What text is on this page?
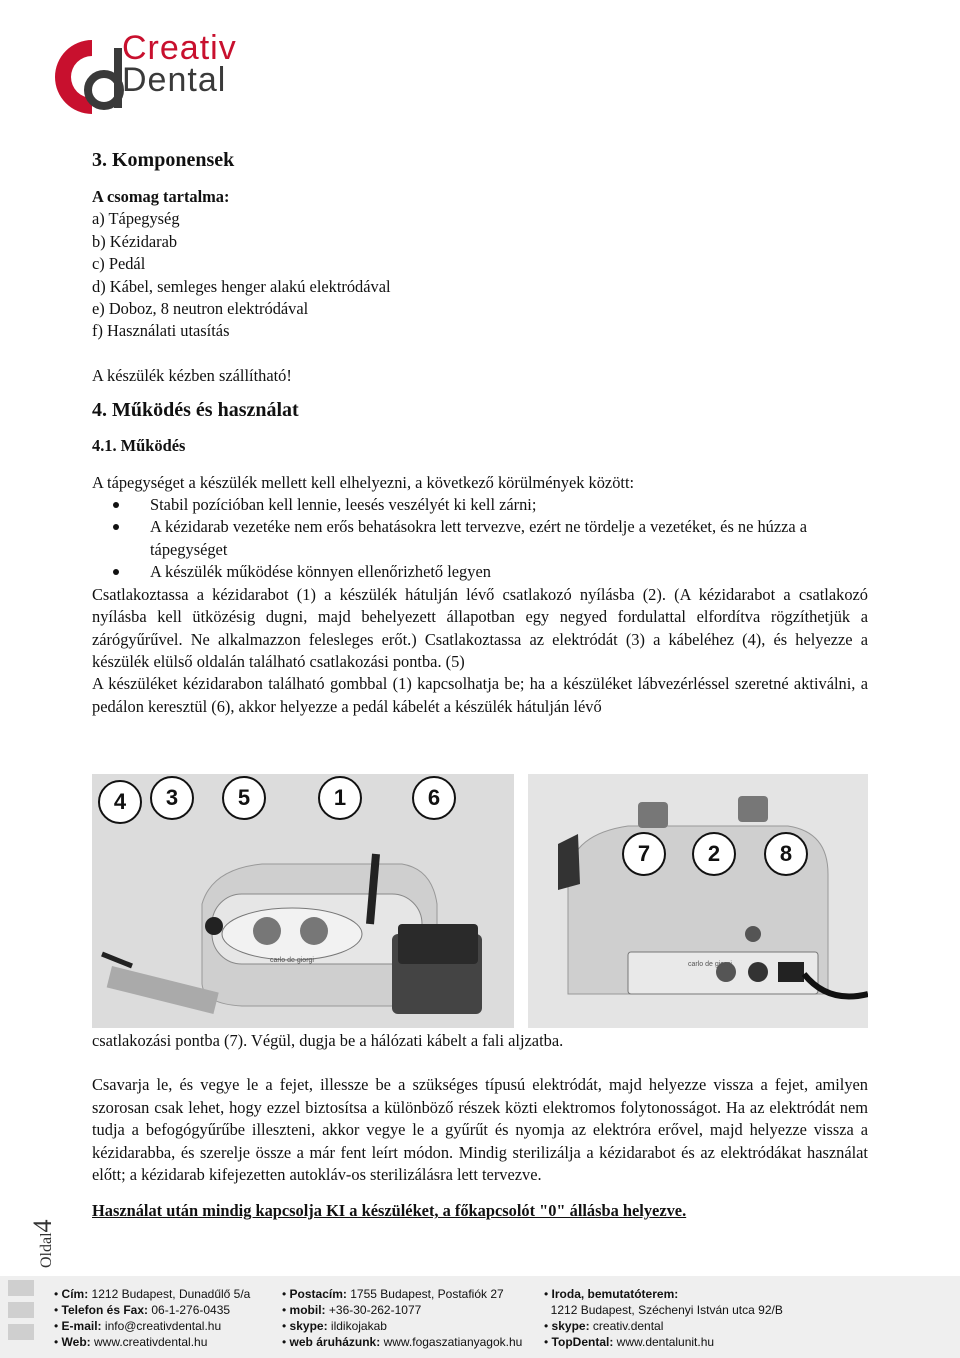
Creativ
Dental
3. Komponensek

A csomag tartalma:

a) Tápegység

b) Kézidarab

c) Pedál

d) Kábel, semleges henger alakú elektródával

e) Doboz, 8 neutron elektródával

f) Használati utasítás

A készülék kézben szállítható!

4. Működés és használat

4.1. Működés

A tápegységet a készülék mellett kell elhelyezni, a következő körülmények között:

Stabil pozícióban kell lennie, leesés veszélyét ki kell zárni;
A kézidarab vezetéke nem erős behatásokra lett tervezve, ezért ne tördelje a vezetéket, és ne húzza a tápegységet
A készülék működése könnyen ellenőrizhető legyen

Csatlakoztassa a kézidarabot (1) a készülék hátulján lévő csatlakozó nyílásba (2). (A kézidarabot a csatlakozó nyílásba kell ütközésig dugni, majd behelyezett állapotban egy negyed fordulattal elfordítva rögzíthetjük a zárógyűrűvel. Ne alkalmazzon felesleges erőt.) Csatlakoztassa az elektródát (3) a kábeléhez (4), és helyezze a készülék elülső oldalán található csatlakozási pontba. (5)

A készüléket kézidarabon található gombbal (1) kapcsolhatja be; ha a készüléket lábvezérléssel szeretné aktiválni, a pedálon keresztül (6), akkor helyezze a pedál kábelét a készülék hátulján lévő

carlo de giorgi
4	3	5	1	6
carlo de giorgi
7	2	8

csatlakozási pontba (7). Végül, dugja be a hálózati kábelt a fali aljzatba.

Csavarja le, és vegye le a fejet, illessze be a szükséges típusú elektródát, majd helyezze vissza a fejet, amilyen szorosan csak lehet, hogy ezzel biztosítsa a különböző részek közti elektromos folytonosságot. Ha az elektródát nem tudja a befogógyűrűbe illeszteni, akkor vegye le a gyűrűt és nyomja az elektróra erővel, majd helyezze vissza a kézidarabba, és szerelje össze a már fent leírt módon. Mindig sterilizálja a kézidarabot és az elektródákat használat előtt; a kézidarab kifejezetten autokláv-os sterilizálásra lett tervezve.

Használat után mindig kapcsolja KI a készüléket, a főkapcsolót "0" állásba helyezve.

Oldal4
• Cím: 1212 Budapest, Dunadűlő 5/a
• Telefon és Fax: 06-1-276-0435
• E-mail: info@creativdental.hu
• Web: www.creativdental.hu
• Postacím: 1755 Budapest, Postafiók 27
• mobil: +36-30-262-1077
• skype: ildikojakab
• web áruházunk: www.fogaszatianyagok.hu
• Iroda, bemutatóterem:
1212 Budapest, Széchenyi István utca 92/B
• skype: creativ.dental
• TopDental: www.dentalunit.hu
